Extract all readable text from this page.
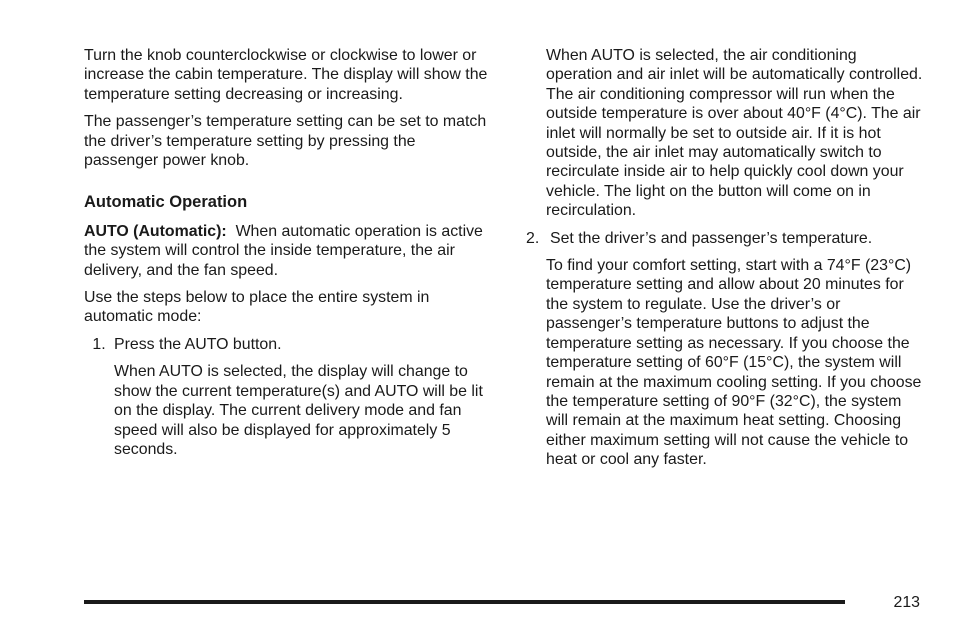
Turn the knob counterclockwise or clockwise to lower or increase the cabin temperature. The display will show the temperature setting decreasing or increasing.

The passenger’s temperature setting can be set to match the driver’s temperature setting by pressing the passenger power knob.

Automatic Operation

AUTO (Automatic): When automatic operation is active the system will control the inside temperature, the air delivery, and the fan speed.

Use the steps below to place the entire system in automatic mode:

1. Press the AUTO button.

When AUTO is selected, the display will change to show the current temperature(s) and AUTO will be lit on the display. The current delivery mode and fan speed will also be displayed for approximately 5 seconds.

When AUTO is selected, the air conditioning operation and air inlet will be automatically controlled. The air conditioning compressor will run when the outside temperature is over about 40°F (4°C). The air inlet will normally be set to outside air. If it is hot outside, the air inlet may automatically switch to recirculate inside air to help quickly cool down your vehicle. The light on the button will come on in recirculation.

2. Set the driver’s and passenger’s temperature.

To find your comfort setting, start with a 74°F (23°C) temperature setting and allow about 20 minutes for the system to regulate. Use the driver’s or passenger’s temperature buttons to adjust the temperature setting as necessary. If you choose the temperature setting of 60°F (15°C), the system will remain at the maximum cooling setting. If you choose the temperature setting of 90°F (32°C), the system will remain at the maximum heat setting. Choosing either maximum setting will not cause the vehicle to heat or cool any faster.

213
